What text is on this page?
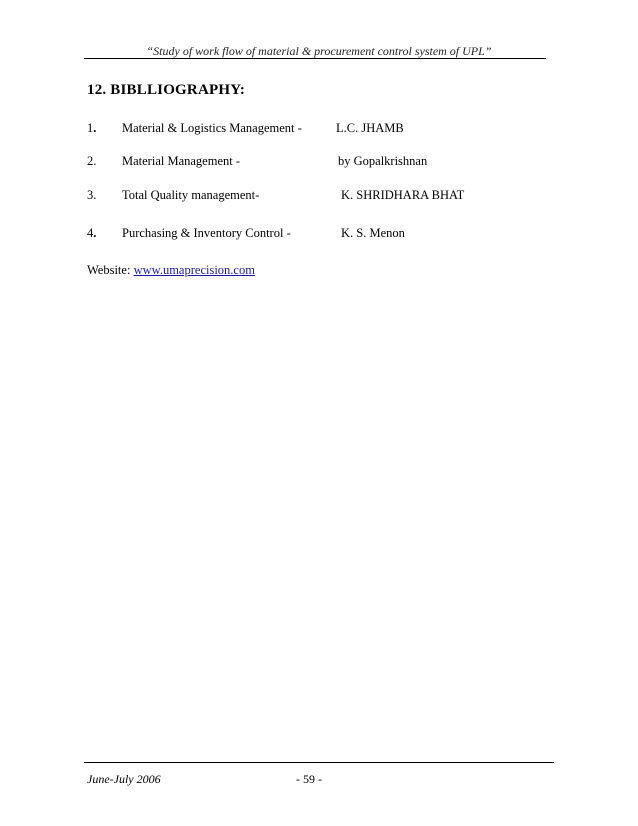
“Study of work flow of material & procurement control system of UPL”
12. BIBLLIOGRAPHY:
1. Material & Logistics Management -	L.C. JHAMB
2. Material Management -	by Gopalkrishnan
3. Total Quality management-	K. SHRIDHARA BHAT
4. Purchasing & Inventory Control -	K. S. Menon
Website: www.umaprecision.com
June-July 2006	- 59 -
